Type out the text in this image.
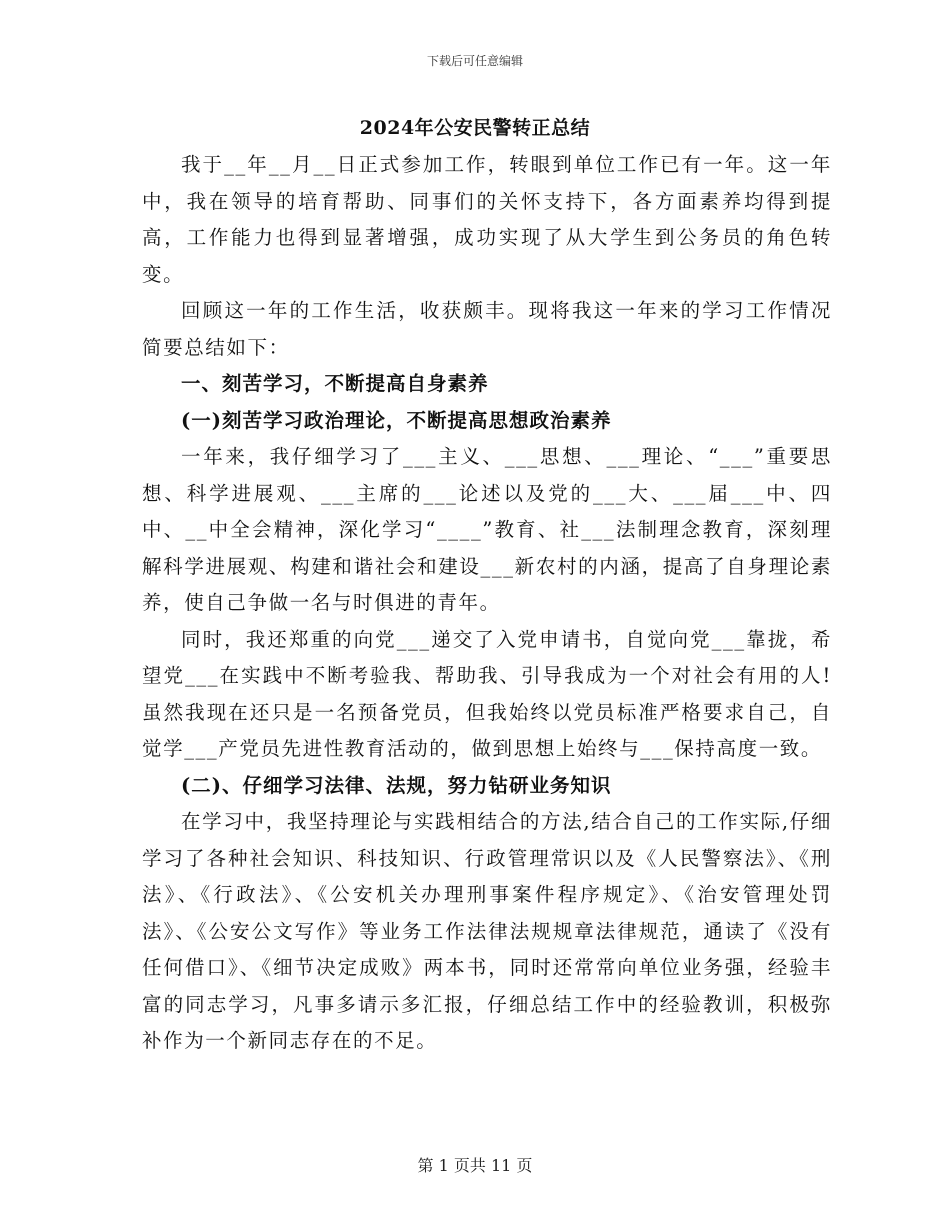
下载后可任意编辑
2024年公安民警转正总结

我于__年__月__日正式参加工作，转眼到单位工作已有一年。这一年中，我在领导的培育帮助、同事们的关怀支持下，各方面素养均得到提高，工作能力也得到显著增强，成功实现了从大学生到公务员的角色转变。

回顾这一年的工作生活，收获颇丰。现将我这一年来的学习工作情况简要总结如下：

一、刻苦学习，不断提高自身素养

(一)刻苦学习政治理论，不断提高思想政治素养

一年来，我仔细学习了___主义、___思想、___理论、“___”重要思想、科学进展观、___主席的___论述以及党的___大、___届___中、四中、__中全会精神，深化学习“____”教育、社___法制理念教育，深刻理解科学进展观、构建和谐社会和建设___新农村的内涵，提高了自身理论素养，使自己争做一名与时俱进的青年。

同时，我还郑重的向党___递交了入党申请书，自觉向党___靠拢，希望党___在实践中不断考验我、帮助我、引导我成为一个对社会有用的人!虽然我现在还只是一名预备党员，但我始终以党员标准严格要求自己，自觉学___产党员先进性教育活动的，做到思想上始终与___保持高度一致。

(二)、仔细学习法律、法规，努力钻研业务知识

在学习中，我坚持理论与实践相结合的方法,结合自己的工作实际,仔细学习了各种社会知识、科技知识、行政管理常识以及《人民警察法》、《刑法》、《行政法》、《公安机关办理刑事案件程序规定》、《治安管理处罚法》、《公安公文写作》等业务工作法律法规规章法律规范，通读了《没有任何借口》、《细节决定成败》两本书，同时还常常向单位业务强，经验丰富的同志学习，凡事多请示多汇报，仔细总结工作中的经验教训，积极弥补作为一个新同志存在的不足。

第 1 页共 11 页
